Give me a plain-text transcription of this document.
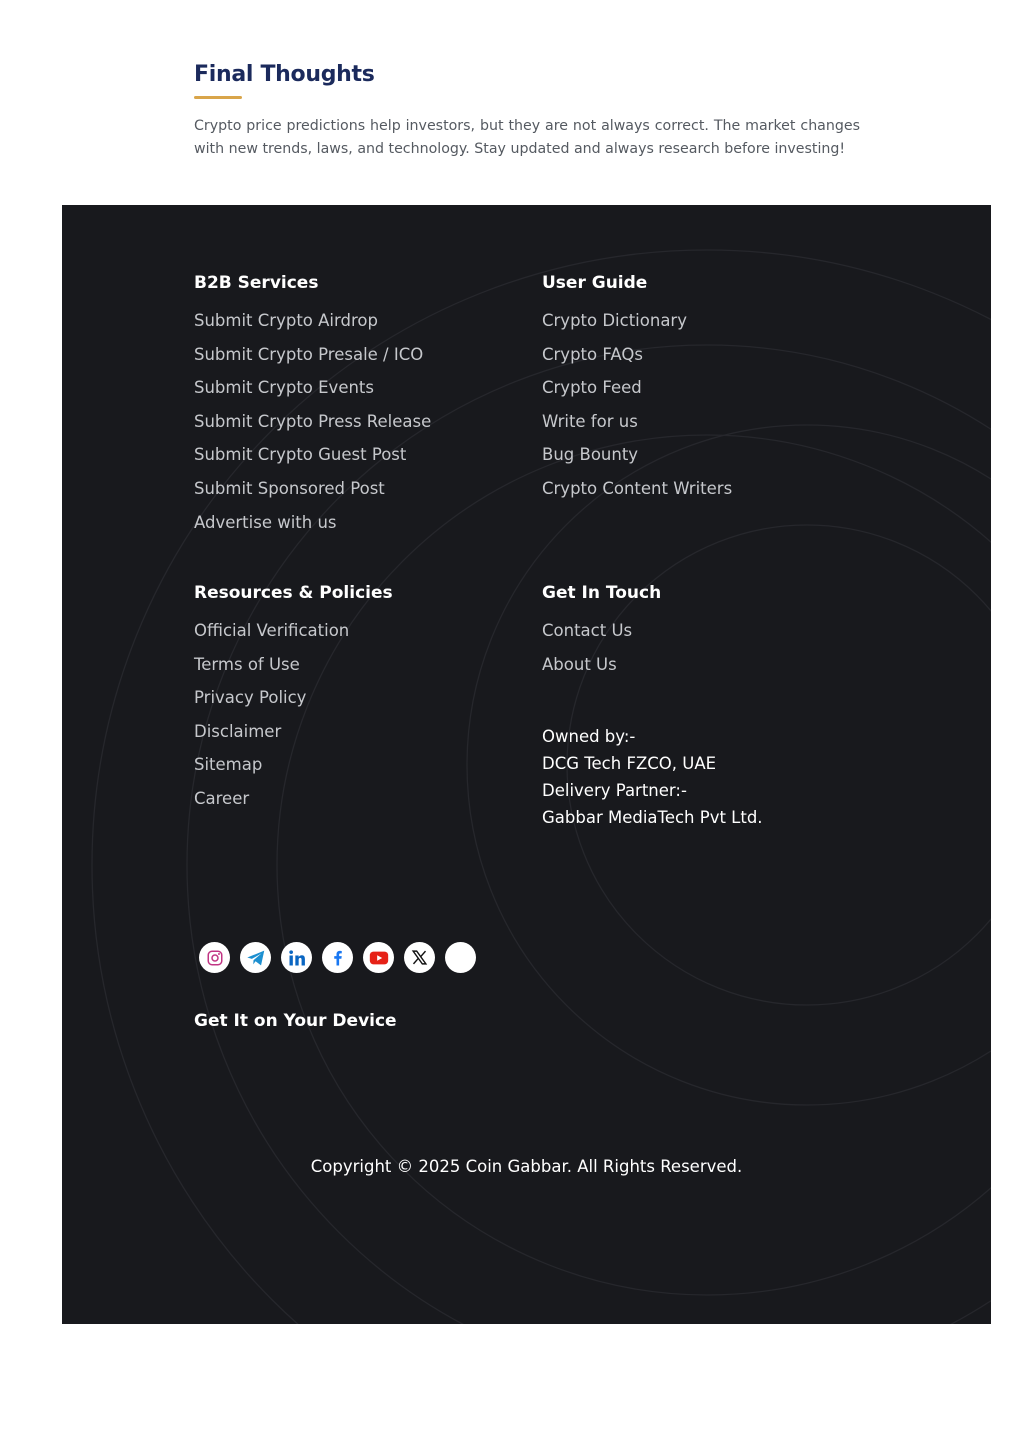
Final Thoughts

Crypto price predictions help investors, but they are not always correct. The market changes with new trends, laws, and technology. Stay updated and always research before investing!

B2B Services
Submit Crypto Airdrop
Submit Crypto Presale / ICO
Submit Crypto Events
Submit Crypto Press Release
Submit Crypto Guest Post
Submit Sponsored Post
Advertise with us
User Guide
Crypto Dictionary
Crypto FAQs
Crypto Feed
Write for us
Bug Bounty
Crypto Content Writers
Resources & Policies
Official Verification
Terms of Use
Privacy Policy
Disclaimer
Sitemap
Career
Get In Touch
Contact Us
About Us
Owned by:-
DCG Tech FZCO, UAE
Delivery Partner:-
Gabbar MediaTech Pvt Ltd.
Get It on Your Device
Copyright © 2025 Coin Gabbar. All Rights Reserved.
